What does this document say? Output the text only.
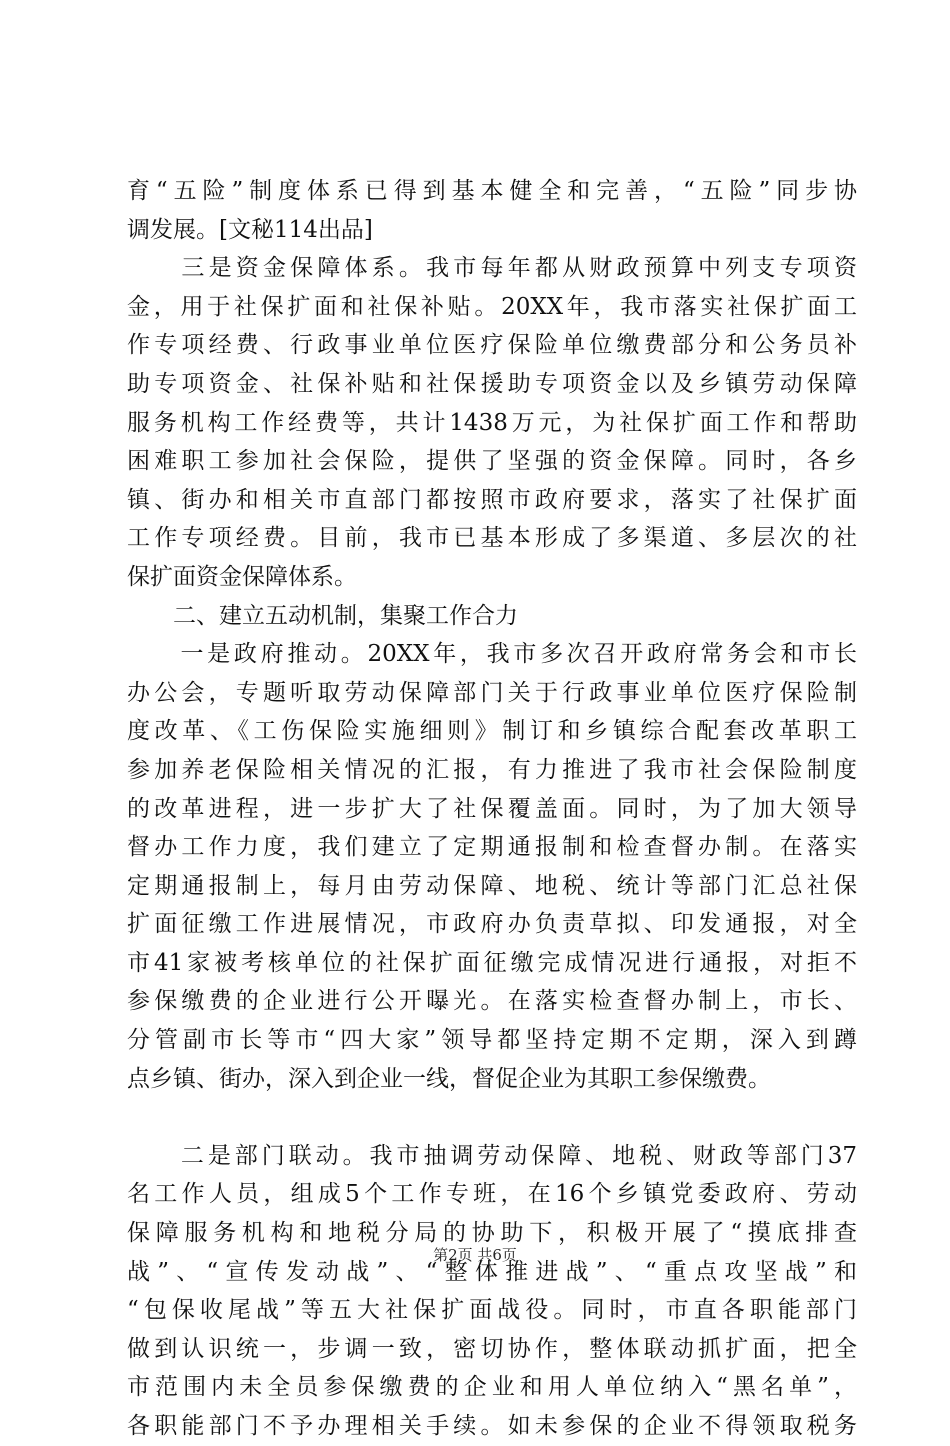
育“五险”制度体系已得到基本健全和完善，“五险”同步协
调发展。[文秘114出品]
　　三是资金保障体系。我市每年都从财政预算中列支专项资
金，用于社保扩面和社保补贴。20XX年，我市落实社保扩面工
作专项经费、行政事业单位医疗保险单位缴费部分和公务员补
助专项资金、社保补贴和社保援助专项资金以及乡镇劳动保障
服务机构工作经费等，共计1438万元，为社保扩面工作和帮助
困难职工参加社会保险，提供了坚强的资金保障。同时，各乡
镇、街办和相关市直部门都按照市政府要求，落实了社保扩面
工作专项经费。目前，我市已基本形成了多渠道、多层次的社
保扩面资金保障体系。
　　二、建立五动机制，集聚工作合力
　　一是政府推动。20XX年，我市多次召开政府常务会和市长
办公会，专题听取劳动保障部门关于行政事业单位医疗保险制
度改革、《工伤保险实施细则》制订和乡镇综合配套改革职工
参加养老保险相关情况的汇报，有力推进了我市社会保险制度
的改革进程，进一步扩大了社保覆盖面。同时，为了加大领导
督办工作力度，我们建立了定期通报制和检查督办制。在落实
定期通报制上，每月由劳动保障、地税、统计等部门汇总社保
扩面征缴工作进展情况，市政府办负责草拟、印发通报，对全
市41家被考核单位的社保扩面征缴完成情况进行通报，对拒不
参保缴费的企业进行公开曝光。在落实检查督办制上，市长、
分管副市长等市“四大家”领导都坚持定期不定期，深入到蹲
点乡镇、街办，深入到企业一线，督促企业为其职工参保缴费。
　　二是部门联动。我市抽调劳动保障、地税、财政等部门37
名工作人员，组成5个工作专班，在16个乡镇党委政府、劳动
保障服务机构和地税分局的协助下，积极开展了“摸底排查
战”、“宣传发动战”、“整体推进战”、“重点攻坚战”和
“包保收尾战”等五大社保扩面战役。同时，市直各职能部门
做到认识统一，步调一致，密切协作，整体联动抓扩面，把全
市范围内未全员参保缴费的企业和用人单位纳入“黑名单”，
各职能部门不予办理相关手续。如未参保的企业不得领取税务
第2页 共6页
